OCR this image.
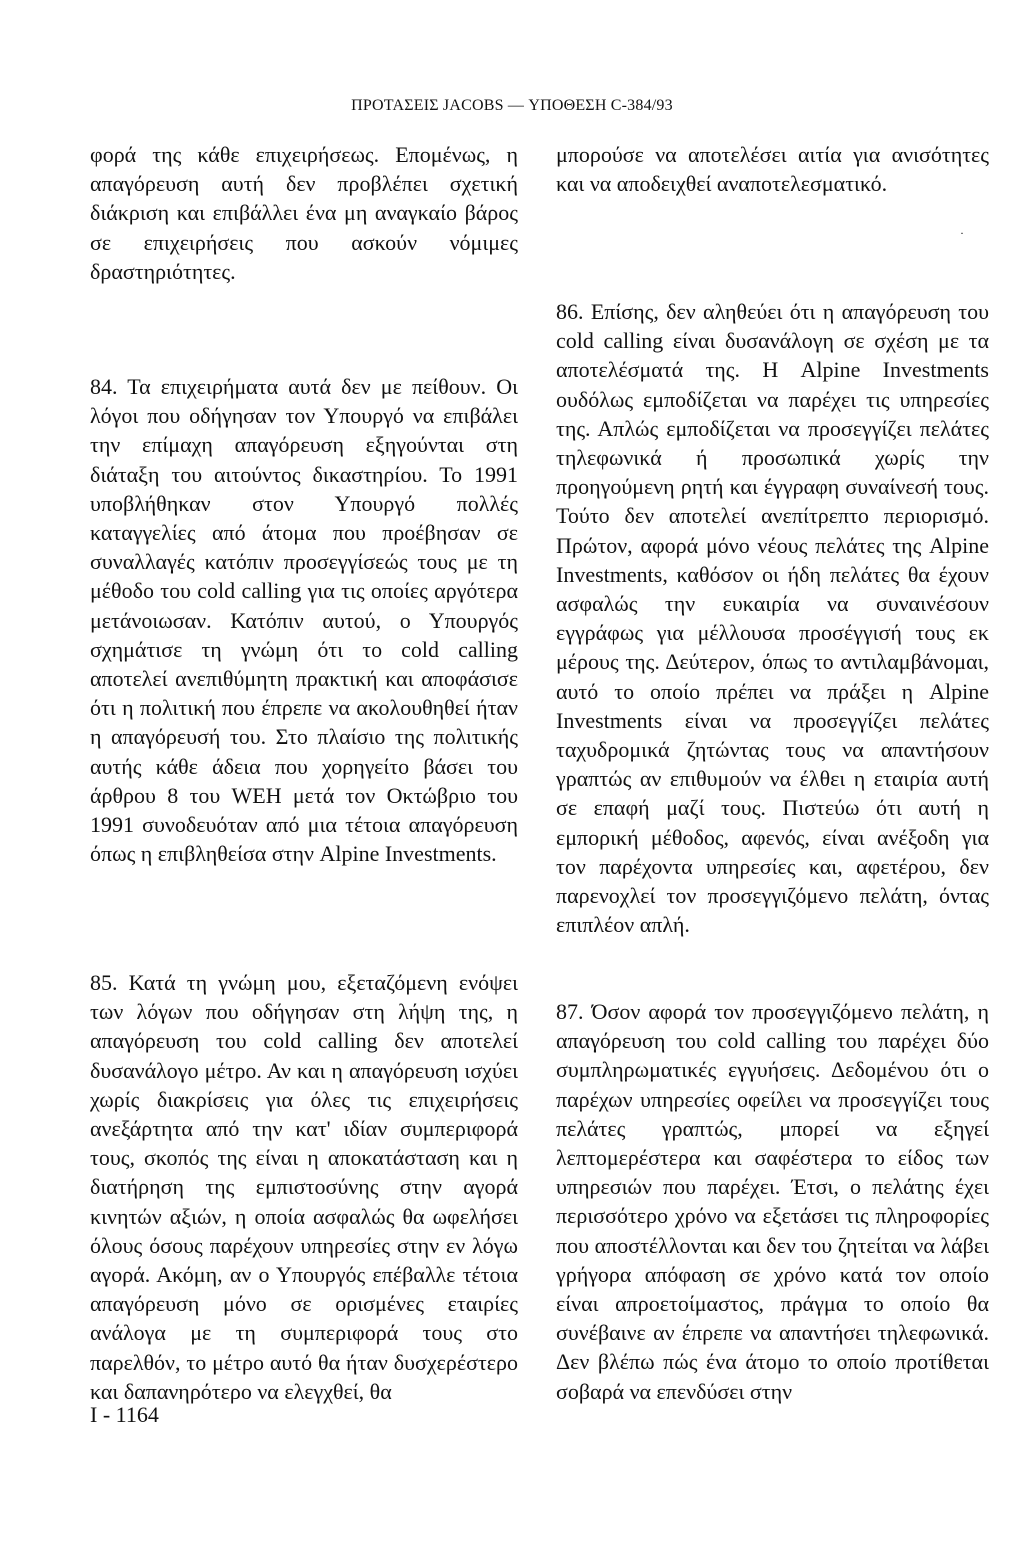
ΠΡΟΤΑΣΕΙΣ JACOBS — ΥΠΟΘΕΣΗ C-384/93

φορά της κάθε επιχειρήσεως. Επομένως, η απαγόρευση αυτή δεν προβλέπει σχετική διάκριση και επιβάλλει ένα μη αναγκαίο βάρος σε επιχειρήσεις που ασκούν νόμιμες δραστηριότητες.

84. Τα επιχειρήματα αυτά δεν με πείθουν. Οι λόγοι που οδήγησαν τον Υπουργό να επιβάλει την επίμαχη απαγόρευση εξηγούνται στη διάταξη του αιτούντος δικαστηρίου. Το 1991 υποβλήθηκαν στον Υπουργό πολλές καταγγελίες από άτομα που προέβησαν σε συναλλαγές κατόπιν προσεγγίσεώς τους με τη μέθοδο του cold calling για τις οποίες αργότερα μετάνοιωσαν. Κατόπιν αυτού, ο Υπουργός σχημάτισε τη γνώμη ότι το cold calling αποτελεί ανεπιθύμητη πρακτική και αποφάσισε ότι η πολιτική που έπρεπε να ακολουθηθεί ήταν η απαγόρευσή του. Στο πλαίσιο της πολιτικής αυτής κάθε άδεια που χορηγείτο βάσει του άρθρου 8 του WEH μετά τον Οκτώβριο του 1991 συνοδευόταν από μια τέτοια απαγόρευση όπως η επιβληθείσα στην Alpine Investments.

85. Κατά τη γνώμη μου, εξεταζόμενη ενόψει των λόγων που οδήγησαν στη λήψη της, η απαγόρευση του cold calling δεν αποτελεί δυσανάλογο μέτρο. Αν και η απαγόρευση ισχύει χωρίς διακρίσεις για όλες τις επιχειρήσεις ανεξάρτητα από την κατ' ιδίαν συμπεριφορά τους, σκοπός της είναι η αποκατάσταση και η διατήρηση της εμπιστοσύνης στην αγορά κινητών αξιών, η οποία ασφαλώς θα ωφελήσει όλους όσους παρέχουν υπηρεσίες στην εν λόγω αγορά. Ακόμη, αν ο Υπουργός επέβαλλε τέτοια απαγόρευση μόνο σε ορισμένες εταιρίες ανάλογα με τη συμπεριφορά τους στο παρελθόν, το μέτρο αυτό θα ήταν δυσχερέστερο και δαπανηρότερο να ελεγχθεί, θα

μπορούσε να αποτελέσει αιτία για ανισότητες και να αποδειχθεί αναποτελεσματικό.

·

86. Επίσης, δεν αληθεύει ότι η απαγόρευση του cold calling είναι δυσανάλογη σε σχέση με τα αποτελέσματά της. Η Alpine Investments ουδόλως εμποδίζεται να παρέχει τις υπηρεσίες της. Απλώς εμποδίζεται να προσεγγίζει πελάτες τηλεφωνικά ή προσωπικά χωρίς την προηγούμενη ρητή και έγγραφη συναίνεσή τους. Τούτο δεν αποτελεί ανεπίτρεπτο περιορισμό. Πρώτον, αφορά μόνο νέους πελάτες της Alpine Investments, καθόσον οι ήδη πελάτες θα έχουν ασφαλώς την ευκαιρία να συναινέσουν εγγράφως για μέλλουσα προσέγγισή τους εκ μέρους της. Δεύτερον, όπως το αντιλαμβάνομαι, αυτό το οποίο πρέπει να πράξει η Alpine Investments είναι να προσεγγίζει πελάτες ταχυδρομικά ζητώντας τους να απαντήσουν γραπτώς αν επιθυμούν να έλθει η εταιρία αυτή σε επαφή μαζί τους. Πιστεύω ότι αυτή η εμπορική μέθοδος, αφενός, είναι ανέξοδη για τον παρέχοντα υπηρεσίες και, αφετέρου, δεν παρενοχλεί τον προσεγγιζόμενο πελάτη, όντας επιπλέον απλή.

87. Όσον αφορά τον προσεγγιζόμενο πελάτη, η απαγόρευση του cold calling του παρέχει δύο συμπληρωματικές εγγυήσεις. Δεδομένου ότι ο παρέχων υπηρεσίες οφείλει να προσεγγίζει τους πελάτες γραπτώς, μπορεί να εξηγεί λεπτομερέστερα και σαφέστερα το είδος των υπηρεσιών που παρέχει. Έτσι, ο πελάτης έχει περισσότερο χρόνο να εξετάσει τις πληροφορίες που αποστέλλονται και δεν του ζητείται να λάβει γρήγορα απόφαση σε χρόνο κατά τον οποίο είναι απροετοίμαστος, πράγμα το οποίο θα συνέβαινε αν έπρεπε να απαντήσει τηλεφωνικά. Δεν βλέπω πώς ένα άτομο το οποίο προτίθεται σοβαρά να επενδύσει στην

I - 1164
